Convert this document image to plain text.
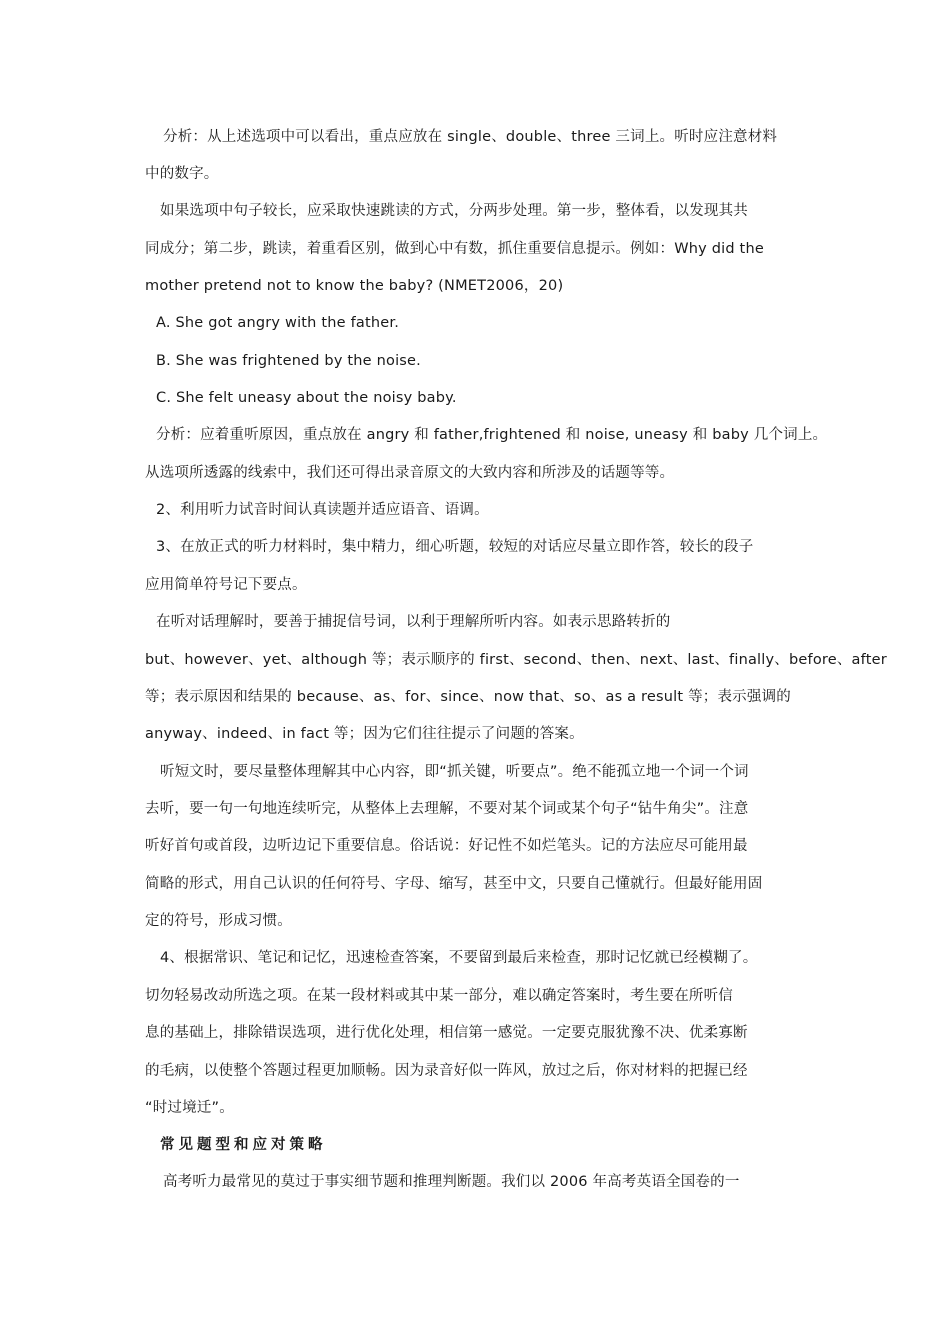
分析：从上述选项中可以看出，重点应放在 single、double、three 三词上。听时应注意材料
中的数字。
如果选项中句子较长，应采取快速跳读的方式，分两步处理。第一步，整体看，以发现其共
同成分；第二步，跳读，着重看区别，做到心中有数，抓住重要信息提示。例如：Why did the
mother pretend not to know the baby? (NMET2006，20)
A. She got angry with the father.
B. She was frightened by the noise.
C. She felt uneasy about the noisy baby.
分析：应着重听原因，重点放在 angry 和 father,frightened 和 noise, uneasy 和 baby 几个词上。
从选项所透露的线索中，我们还可得出录音原文的大致内容和所涉及的话题等等。
2、利用听力试音时间认真读题并适应语音、语调。
3、在放正式的听力材料时，集中精力，细心听题，较短的对话应尽量立即作答，较长的段子
应用简单符号记下要点。
在听对话理解时，要善于捕捉信号词，以利于理解所听内容。如表示思路转折的
but、however、yet、although 等；表示顺序的 first、second、then、next、last、finally、before、after
等；表示原因和结果的 because、as、for、since、now that、so、as a result 等；表示强调的
anyway、indeed、in fact 等；因为它们往往提示了问题的答案。
听短文时，要尽量整体理解其中心内容，即“抓关键，听要点”。绝不能孤立地一个词一个词
去听，要一句一句地连续听完，从整体上去理解，不要对某个词或某个句子“钻牛角尖”。注意
听好首句或首段，边听边记下重要信息。俗话说：好记性不如烂笔头。记的方法应尽可能用最
简略的形式，用自己认识的任何符号、字母、缩写，甚至中文，只要自己懂就行。但最好能用固
定的符号，形成习惯。
4、根据常识、笔记和记忆，迅速检查答案，不要留到最后来检查，那时记忆就已经模糊了。
切勿轻易改动所选之项。在某一段材料或其中某一部分，难以确定答案时，考生要在所听信
息的基础上，排除错误选项，进行优化处理，相信第一感觉。一定要克服犹豫不决、优柔寡断
的毛病，以使整个答题过程更加顺畅。因为录音好似一阵风，放过之后，你对材料的把握已经
“时过境迁”。
常见题型和应对策略
高考听力最常见的莫过于事实细节题和推理判断题。我们以 2006 年高考英语全国卷的一
